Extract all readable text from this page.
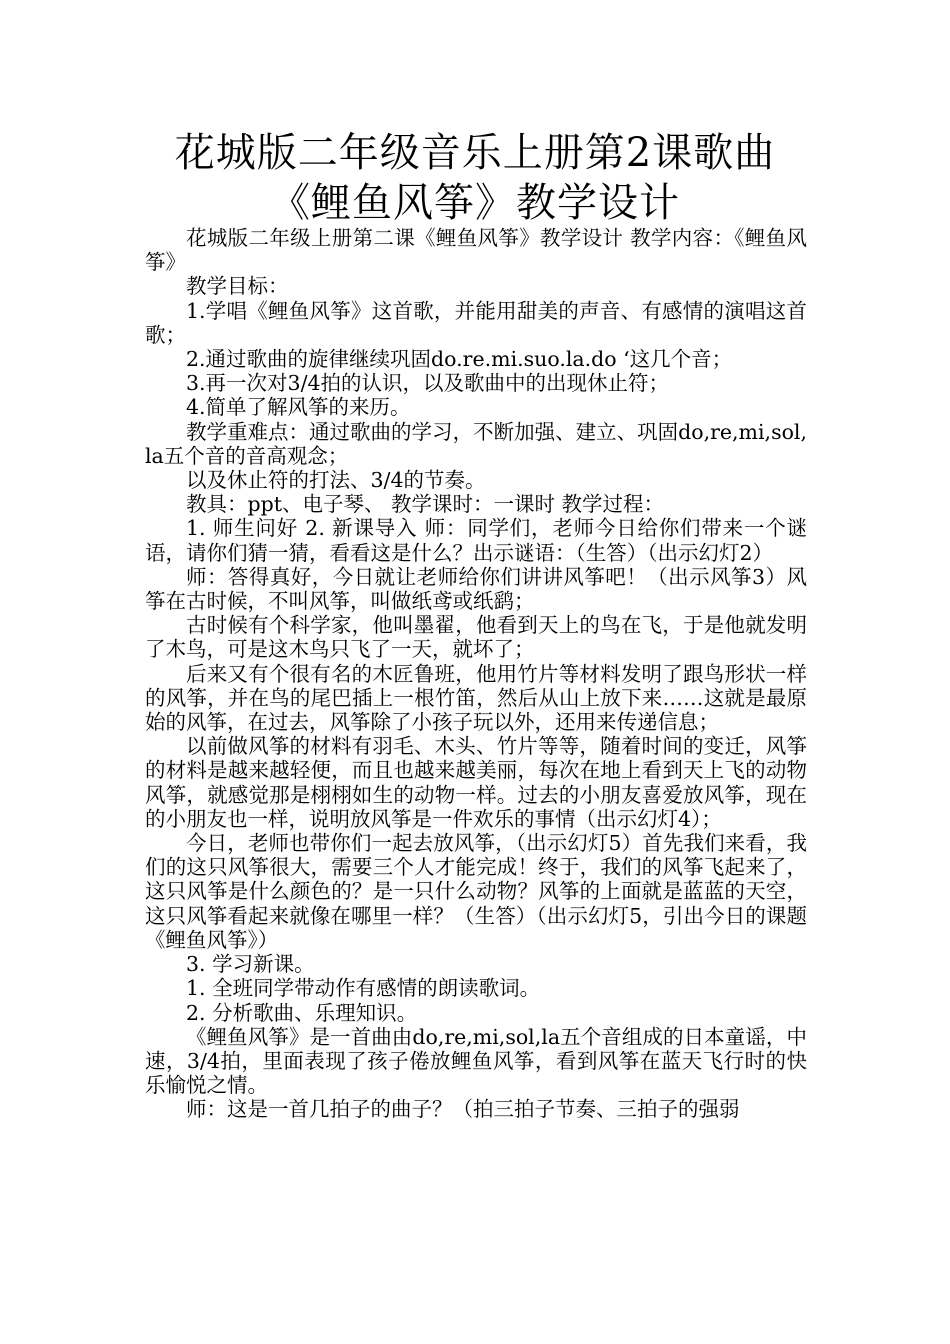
花城版二年级音乐上册第2课歌曲《鲤鱼风筝》教学设计

花城版二年级上册第二课《鲤鱼风筝》教学设计 教学内容：《鲤鱼风筝》

教学目标：

1.学唱《鲤鱼风筝》这首歌，并能用甜美的声音、有感情的演唱这首歌；

2.通过歌曲的旋律继续巩固do.re.mi.suo.la.do ‘这几个音；

3.再一次对3/4拍的认识，以及歌曲中的出现休止符；

4.简单了解风筝的来历。

教学重难点：通过歌曲的学习，不断加强、建立、巩固do,re,mi,sol,la五个音的音高观念；

以及休止符的打法、3/4的节奏。

教具：ppt、电子琴、 教学课时：一课时 教学过程：

1. 师生问好 2. 新课导入 师：同学们，老师今日给你们带来一个谜语，请你们猜一猜，看看这是什么？出示谜语：（生答）（出示幻灯2）

师：答得真好，今日就让老师给你们讲讲风筝吧！（出示风筝3）风筝在古时候，不叫风筝，叫做纸鸢或纸鹞；

古时候有个科学家，他叫墨翟，他看到天上的鸟在飞，于是他就发明了木鸟，可是这木鸟只飞了一天，就坏了；

后来又有个很有名的木匠鲁班，他用竹片等材料发明了跟鸟形状一样的风筝，并在鸟的尾巴插上一根竹笛，然后从山上放下来……这就是最原始的风筝，在过去，风筝除了小孩子玩以外，还用来传递信息；

以前做风筝的材料有羽毛、木头、竹片等等，随着时间的变迁，风筝的材料是越来越轻便，而且也越来越美丽，每次在地上看到天上飞的动物风筝，就感觉那是栩栩如生的动物一样。过去的小朋友喜爱放风筝，现在的小朋友也一样，说明放风筝是一件欢乐的事情（出示幻灯4）；

今日，老师也带你们一起去放风筝，（出示幻灯5）首先我们来看，我们的这只风筝很大，需要三个人才能完成！终于，我们的风筝飞起来了，这只风筝是什么颜色的？是一只什么动物？风筝的上面就是蓝蓝的天空，这只风筝看起来就像在哪里一样？（生答）（出示幻灯5，引出今日的课题《鲤鱼风筝》）

3. 学习新课。

1. 全班同学带动作有感情的朗读歌词。

2. 分析歌曲、乐理知识。

《鲤鱼风筝》是一首曲由do,re,mi,sol,la五个音组成的日本童谣，中速，3/4拍，里面表现了孩子倦放鲤鱼风筝，看到风筝在蓝天飞行时的快乐愉悦之情。

师：这是一首几拍子的曲子？（拍三拍子节奏、三拍子的强弱
